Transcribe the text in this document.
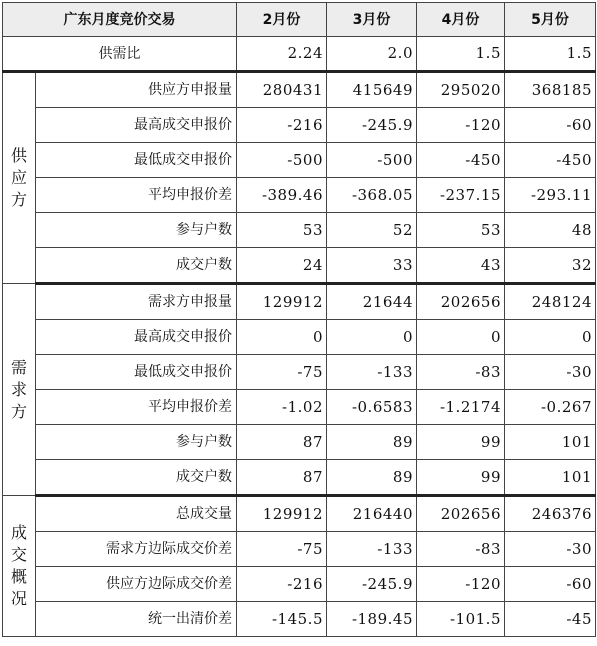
广东月度竞价交易		2月份	3月份	4月份	5月份
供需比		2.24	2.0	1.5	1.5
供应方	供应方申报量	280431	415649	295020	368185
	最高成交申报价	-216	-245.9	-120	-60
	最低成交申报价	-500	-500	-450	-450
	平均申报价差	-389.46	-368.05	-237.15	-293.11
	参与户数	53	52	53	48
	成交户数	24	33	43	32
需求方	需求方申报量	129912	21644	202656	248124
	最高成交申报价	0	0	0	0
	最低成交申报价	-75	-133	-83	-30
	平均申报价差	-1.02	-0.6583	-1.2174	-0.267
	参与户数	87	89	99	101
	成交户数	87	89	99	101
成交概况	总成交量	129912	216440	202656	246376
	需求方边际成交价差	-75	-133	-83	-30
	供应方边际成交价差	-216	-245.9	-120	-60
	统一出清价差	-145.5	-189.45	-101.5	-45
